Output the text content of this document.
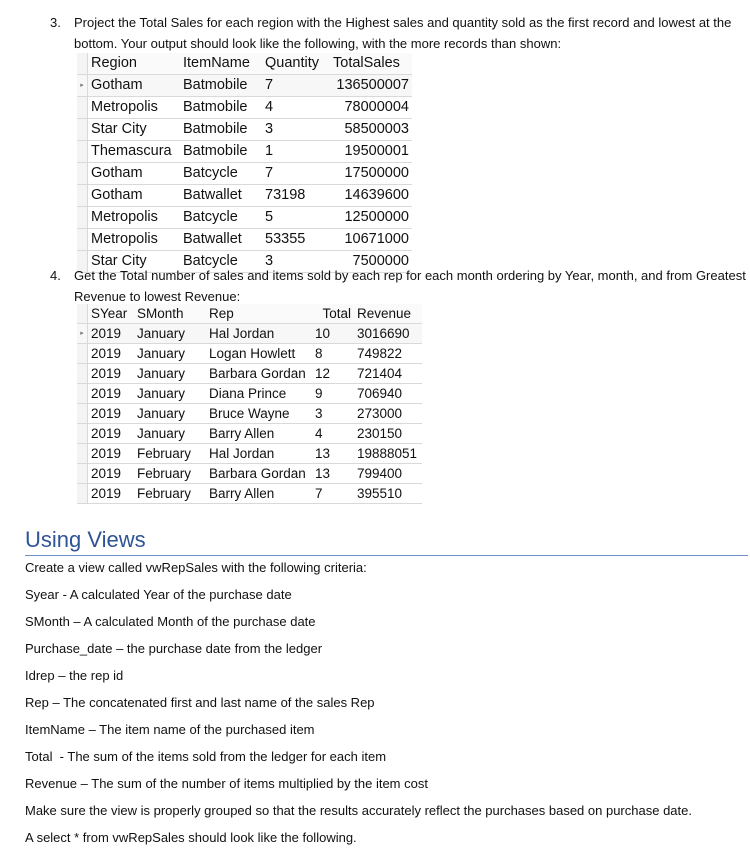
3.	Project the Total Sales for each region with the Highest sales and quantity sold as the first record and lowest at the
bottom. Your output should look like the following, with the more records than shown:
	Region	ItemName	Quantity	TotalSales
▸	Gotham	Batmobile	7	136500007
	Metropolis	Batmobile	4	78000004
	Star City	Batmobile	3	58500003
	Themascura	Batmobile	1	19500001
	Gotham	Batcycle	7	17500000
	Gotham	Batwallet	73198	14639600
	Metropolis	Batcycle	5	12500000
	Metropolis	Batwallet	53355	10671000
	Star City	Batcycle	3	7500000
4.	Get the Total number of sales and items sold by each rep for each month ordering by Year, month, and from Greatest
Revenue to lowest Revenue:
	SYear	SMonth	Rep	Total	Revenue
▸	2019	January	Hal Jordan	10	3016690
	2019	January	Logan Howlett	8	749822
	2019	January	Barbara Gordan	12	721404
	2019	January	Diana Prince	9	706940
	2019	January	Bruce Wayne	3	273000
	2019	January	Barry Allen	4	230150
	2019	February	Hal Jordan	13	19888051
	2019	February	Barbara Gordan	13	799400
	2019	February	Barry Allen	7	395510
Using Views
Create a view called vwRepSales with the following criteria:
Syear - A calculated Year of the purchase date
SMonth – A calculated Month of the purchase date
Purchase_date – the purchase date from the ledger
Idrep – the rep id
Rep – The concatenated first and last name of the sales Rep
ItemName – The item name of the purchased item
Total  - The sum of the items sold from the ledger for each item
Revenue – The sum of the number of items multiplied by the item cost
Make sure the view is properly grouped so that the results accurately reflect the purchases based on purchase date.
A select * from vwRepSales should look like the following.
